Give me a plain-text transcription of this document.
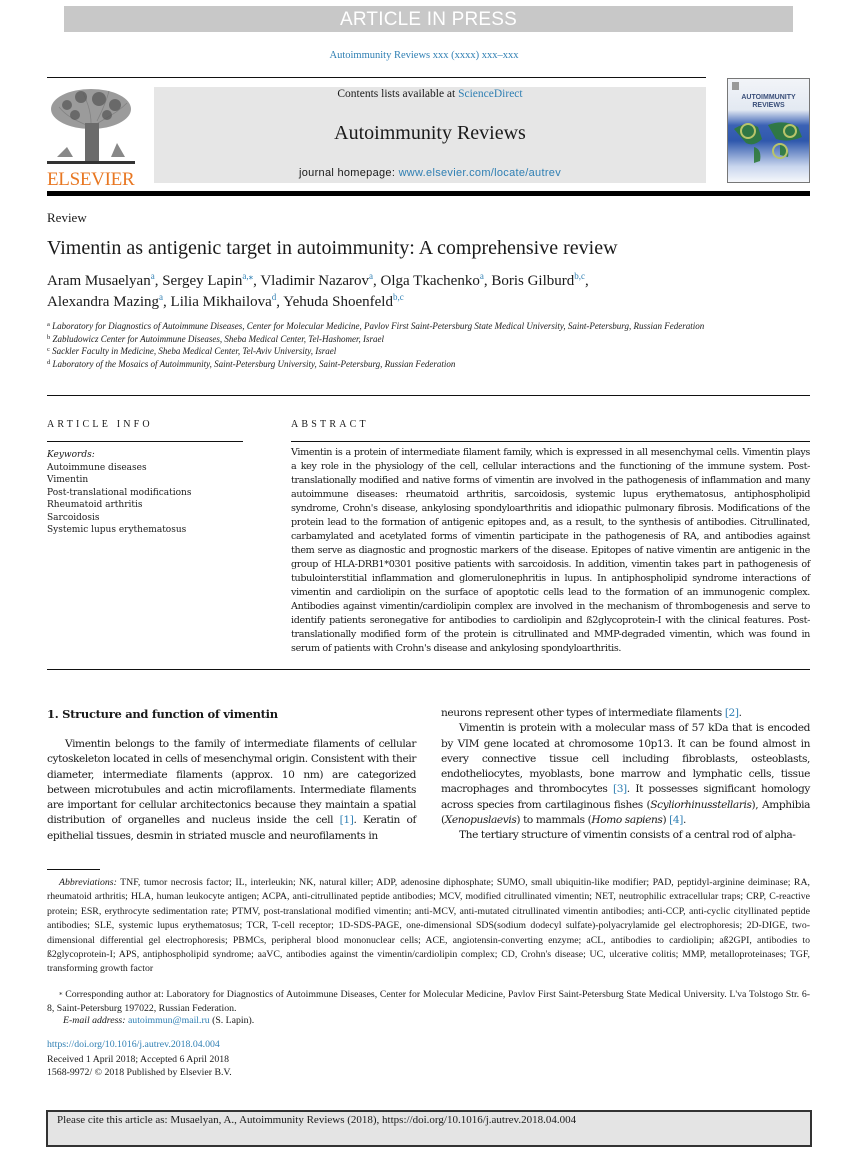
ARTICLE IN PRESS
Autoimmunity Reviews xxx (xxxx) xxx–xxx
ELSEVIER
Contents lists available at ScienceDirect
Autoimmunity Reviews
journal homepage: www.elsevier.com/locate/autrev
AUTOIMMUNITY
REVIEWS
Review
Vimentin as antigenic target in autoimmunity: A comprehensive review
Aram Musaelyan$^a$, Sergey Lapin$^{a,⁎}$, Vladimir Nazarov$^a$, Olga Tkachenko$^a$, Boris Gilburd$^{b,c}$,
Alexandra Mazing$^a$, Lilia Mikhailova$^d$, Yehuda Shoenfeld$^{b,c}$
$^a$ Laboratory for Diagnostics of Autoimmune Diseases, Center for Molecular Medicine, Pavlov First Saint-Petersburg State Medical University, Saint-Petersburg, Russian Federation
$^b$ Zabludowicz Center for Autoimmune Diseases, Sheba Medical Center, Tel-Hashomer, Israel
$^c$ Sackler Faculty in Medicine, Sheba Medical Center, Tel-Aviv University, Israel
$^d$ Laboratory of the Mosaics of Autoimmunity, Saint-Petersburg University, Saint-Petersburg, Russian Federation
ARTICLE INFO
Keywords:
Autoimmune diseases
Vimentin
Post-translational modifications
Rheumatoid arthritis
Sarcoidosis
Systemic lupus erythematosus
ABSTRACT
Vimentin is a protein of intermediate filament family, which is expressed in all mesenchymal cells. Vimentin plays a key role in the physiology of the cell, cellular interactions and the functioning of the immune system. Post-translationally modified and native forms of vimentin are involved in the pathogenesis of inflammation and many autoimmune diseases: rheumatoid arthritis, sarcoidosis, systemic lupus erythematosus, antiphospholipid syndrome, Crohn's disease, ankylosing spondyloarthritis and idiopathic pulmonary fibrosis. Modifications of the protein lead to the formation of antigenic epitopes and, as a result, to the synthesis of antibodies. Citrullinated, carbamylated and acetylated forms of vimentin participate in the pathogenesis of RA, and antibodies against them serve as diagnostic and prognostic markers of the disease. Epitopes of native vimentin are antigenic in the group of HLA-DRB1*0301 positive patients with sarcoidosis. In addition, vimentin takes part in pathogenesis of tubulointerstitial inflammation and glomerulonephritis in lupus. In antiphospholipid syndrome interactions of vimentin and cardiolipin on the surface of apoptotic cells lead to the formation of an immunogenic complex. Antibodies against vimentin/cardiolipin complex are involved in the mechanism of thrombogenesis and serve to identify patients seronegative for antibodies to cardiolipin and ß2glycoprotein-I with the clinical features. Post-translationally modified form of the protein is citrullinated and MMP-degraded vimentin, which was found in serum of patients with Crohn's disease and ankylosing spondyloarthritis.
1. Structure and function of vimentin
Vimentin belongs to the family of intermediate filaments of cellular cytoskeleton located in cells of mesenchymal origin. Consistent with their diameter, intermediate filaments (approx. 10 nm) are categorized between microtubules and actin microfilaments. Intermediate filaments are important for cellular architectonics because they maintain a spatial distribution of organelles and nucleus inside the cell [1]. Keratin of epithelial tissues, desmin in striated muscle and neurofilaments in
neurons represent other types of intermediate filaments [2].
Vimentin is protein with a molecular mass of 57 kDa that is encoded by VIM gene located at chromosome 10p13. It can be found almost in every connective tissue cell including fibroblasts, osteoblasts, endotheliocytes, myoblasts, bone marrow and lymphatic cells, tissue macrophages and thrombocytes [3]. It possesses significant homology across species from cartilaginous fishes (Scyliorhinusstellaris), Amphibia (Xenopuslaevis) to mammals (Homo sapiens) [4].
The tertiary structure of vimentin consists of a central rod of alpha-
Abbreviations: TNF, tumor necrosis factor; IL, interleukin; NK, natural killer; ADP, adenosine diphosphate; SUMO, small ubiquitin-like modifier; PAD, peptidyl-arginine deiminase; RA, rheumatoid arthritis; HLA, human leukocyte antigen; ACPA, anti-citrullinated peptide antibodies; MCV, modified citrullinated vimentin; NET, neutrophilic extracellular traps; CRP, C-reactive protein; ESR, erythrocyte sedimentation rate; PTMV, post-translational modified vimentin; anti-MCV, anti-mutated citrullinated vimentin antibodies; anti-CCP, anti-cyclic cityllinated peptide antibodies; SLE, systemic lupus erythematosus; TCR, T-cell receptor; 1D-SDS-PAGE, one-dimensional SDS(sodium dodecyl sulfate)-polyacrylamide gel electrophoresis; 2D-DIGE, two-dimensional differential gel electrophoresis; PBMCs, peripheral blood mononuclear cells; ACE, angiotensin-converting enzyme; aCL, antibodies to cardiolipin; aß2GPI, antibodies to ß2glycoprotein-I; APS, antiphospholipid syndrome; aaVC, antibodies against the vimentin/cardiolipin complex; CD, Crohn's disease; UC, ulcerative colitis; MMP, metalloproteinases; TGF, transforming growth factor
⁎ Corresponding author at: Laboratory for Diagnostics of Autoimmune Diseases, Center for Molecular Medicine, Pavlov First Saint-Petersburg State Medical University. L'va Tolstogo Str. 6-8, Saint-Petersburg 197022, Russian Federation.
E-mail address: autoimmun@mail.ru (S. Lapin).
https://doi.org/10.1016/j.autrev.2018.04.004
Received 1 April 2018; Accepted 6 April 2018
1568-9972/ © 2018 Published by Elsevier B.V.
Please cite this article as: Musaelyan, A., Autoimmunity Reviews (2018), https://doi.org/10.1016/j.autrev.2018.04.004
